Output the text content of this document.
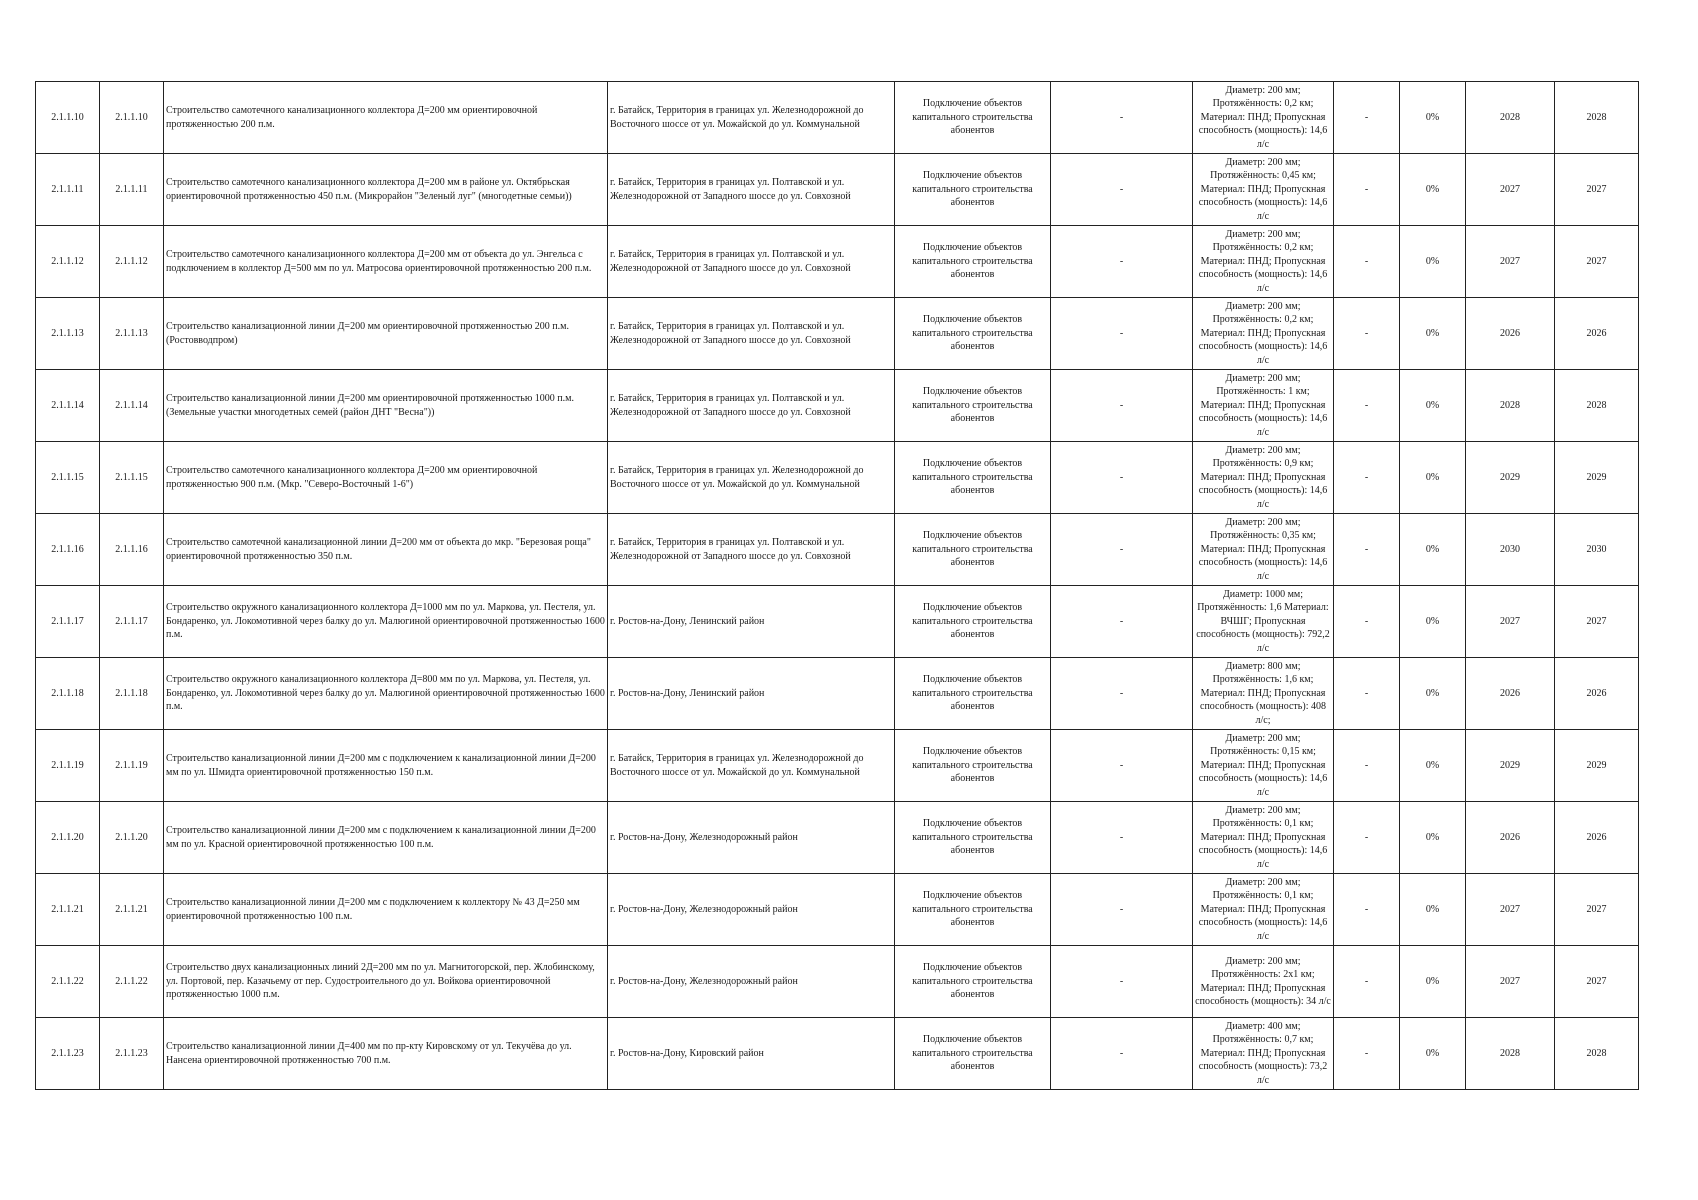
2.1.1.10	2.1.1.10	Строительство самотечного канализационного коллектора Д=200 мм ориентировочной протяженностью 200 п.м.	г. Батайск, Территория в границах ул. Железнодорожной до Восточного шоссе от ул. Можайской до ул. Коммунальной	Подключение объектов капитального строительства абонентов	-	Диаметр: 200 мм; Протяжённость: 0,2 км; Материал: ПНД; Пропускная способность (мощность): 14,6 л/с	-	0%	2028	2028
2.1.1.11	2.1.1.11	Строительство самотечного канализационного коллектора Д=200 мм в районе ул. Октябрьская ориентировочной протяженностью 450 п.м. (Микрорайон "Зеленый луг" (многодетные семьи))	г. Батайск, Территория в границах ул. Полтавской и ул. Железнодорожной от Западного шоссе до ул. Совхозной	Подключение объектов капитального строительства абонентов	-	Диаметр: 200 мм; Протяжённость: 0,45 км; Материал: ПНД; Пропускная способность (мощность): 14,6 л/с	-	0%	2027	2027
2.1.1.12	2.1.1.12	Строительство самотечного канализационного коллектора Д=200 мм от объекта до ул. Энгельса с подключением в коллектор Д=500 мм по ул. Матросова ориентировочной протяженностью 200 п.м.	г. Батайск, Территория в границах ул. Полтавской и ул. Железнодорожной от Западного шоссе до ул. Совхозной	Подключение объектов капитального строительства абонентов	-	Диаметр: 200 мм; Протяжённость: 0,2 км; Материал: ПНД; Пропускная способность (мощность): 14,6 л/с	-	0%	2027	2027
2.1.1.13	2.1.1.13	Строительство канализационной линии Д=200 мм ориентировочной протяженностью 200 п.м. (Ростовводпром)	г. Батайск, Территория в границах ул. Полтавской и ул. Железнодорожной от Западного шоссе до ул. Совхозной	Подключение объектов капитального строительства абонентов	-	Диаметр: 200 мм; Протяжённость: 0,2 км; Материал: ПНД; Пропускная способность (мощность): 14,6 л/с	-	0%	2026	2026
2.1.1.14	2.1.1.14	Строительство канализационной линии Д=200 мм ориентировочной протяженностью 1000 п.м. (Земельные участки многодетных семей (район ДНТ "Весна"))	г. Батайск, Территория в границах ул. Полтавской и ул. Железнодорожной от Западного шоссе до ул. Совхозной	Подключение объектов капитального строительства абонентов	-	Диаметр: 200 мм; Протяжённость: 1 км; Материал: ПНД; Пропускная способность (мощность): 14,6 л/с	-	0%	2028	2028
2.1.1.15	2.1.1.15	Строительство самотечного канализационного коллектора Д=200 мм ориентировочной протяженностью 900 п.м. (Мкр. "Северо-Восточный 1-6")	г. Батайск, Территория в границах ул. Железнодорожной до Восточного шоссе от ул. Можайской до ул. Коммунальной	Подключение объектов капитального строительства абонентов	-	Диаметр: 200 мм; Протяжённость: 0,9 км; Материал: ПНД; Пропускная способность (мощность): 14,6 л/с	-	0%	2029	2029
2.1.1.16	2.1.1.16	Строительство самотечной канализационной линии Д=200 мм от объекта до мкр. "Березовая роща" ориентировочной протяженностью 350 п.м.	г. Батайск, Территория в границах ул. Полтавской и ул. Железнодорожной от Западного шоссе до ул. Совхозной	Подключение объектов капитального строительства абонентов	-	Диаметр: 200 мм; Протяжённость: 0,35 км; Материал: ПНД; Пропускная способность (мощность): 14,6 л/с	-	0%	2030	2030
2.1.1.17	2.1.1.17	Строительство окружного канализационного коллектора Д=1000 мм по ул. Маркова, ул. Пестеля, ул. Бондаренко, ул. Локомотивной через балку до ул. Малюгиной ориентировочной протяженностью 1600 п.м.	г. Ростов-на-Дону, Ленинский район	Подключение объектов капитального строительства абонентов	-	Диаметр: 1000 мм; Протяжённость: 1,6 Материал: ВЧШГ; Пропускная способность (мощность): 792,2 л/с	-	0%	2027	2027
2.1.1.18	2.1.1.18	Строительство окружного канализационного коллектора Д=800 мм по ул. Маркова, ул. Пестеля, ул. Бондаренко, ул. Локомотивной через балку до ул. Малюгиной ориентировочной протяженностью 1600 п.м.	г. Ростов-на-Дону, Ленинский район	Подключение объектов капитального строительства абонентов	-	Диаметр: 800 мм; Протяжённость: 1,6 км; Материал: ПНД; Пропускная способность (мощность): 408 л/с;	-	0%	2026	2026
2.1.1.19	2.1.1.19	Строительство канализационной линии Д=200 мм с подключением к канализационной линии Д=200 мм по ул. Шмидта ориентировочной протяженностью 150 п.м.	г. Батайск, Территория в границах ул. Железнодорожной до Восточного шоссе от ул. Можайской до ул. Коммунальной	Подключение объектов капитального строительства абонентов	-	Диаметр: 200 мм; Протяжённость: 0,15 км; Материал: ПНД; Пропускная способность (мощность): 14,6 л/с	-	0%	2029	2029
2.1.1.20	2.1.1.20	Строительство канализационной линии Д=200 мм с подключением к канализационной линии Д=200 мм по ул. Красной ориентировочной протяженностью 100 п.м.	г. Ростов-на-Дону, Железнодорожный район	Подключение объектов капитального строительства абонентов	-	Диаметр: 200 мм; Протяжённость: 0,1 км; Материал: ПНД; Пропускная способность (мощность): 14,6 л/с	-	0%	2026	2026
2.1.1.21	2.1.1.21	Строительство канализационной линии Д=200 мм с подключением к коллектору № 43 Д=250 мм ориентировочной протяженностью 100 п.м.	г. Ростов-на-Дону, Железнодорожный район	Подключение объектов капитального строительства абонентов	-	Диаметр: 200 мм; Протяжённость: 0,1 км; Материал: ПНД; Пропускная способность (мощность): 14,6 л/с	-	0%	2027	2027
2.1.1.22	2.1.1.22	Строительство двух канализационных линий 2Д=200 мм по ул. Магнитогорской, пер. Жлобинскому, ул. Портовой, пер. Казачьему от пер. Судостроительного до ул. Войкова ориентировочной протяженностью 1000 п.м.	г. Ростов-на-Дону, Железнодорожный район	Подключение объектов капитального строительства абонентов	-	Диаметр: 200 мм; Протяжённость: 2х1 км; Материал: ПНД; Пропускная способность (мощность): 34 л/с	-	0%	2027	2027
2.1.1.23	2.1.1.23	Строительство канализационной линии Д=400 мм по пр-кту Кировскому от ул. Текучёва до ул. Нансена ориентировочной протяженностью 700 п.м.	г. Ростов-на-Дону, Кировский район	Подключение объектов капитального строительства абонентов	-	Диаметр: 400 мм; Протяжённость: 0,7 км; Материал: ПНД; Пропускная способность (мощность): 73,2 л/с	-	0%	2028	2028
